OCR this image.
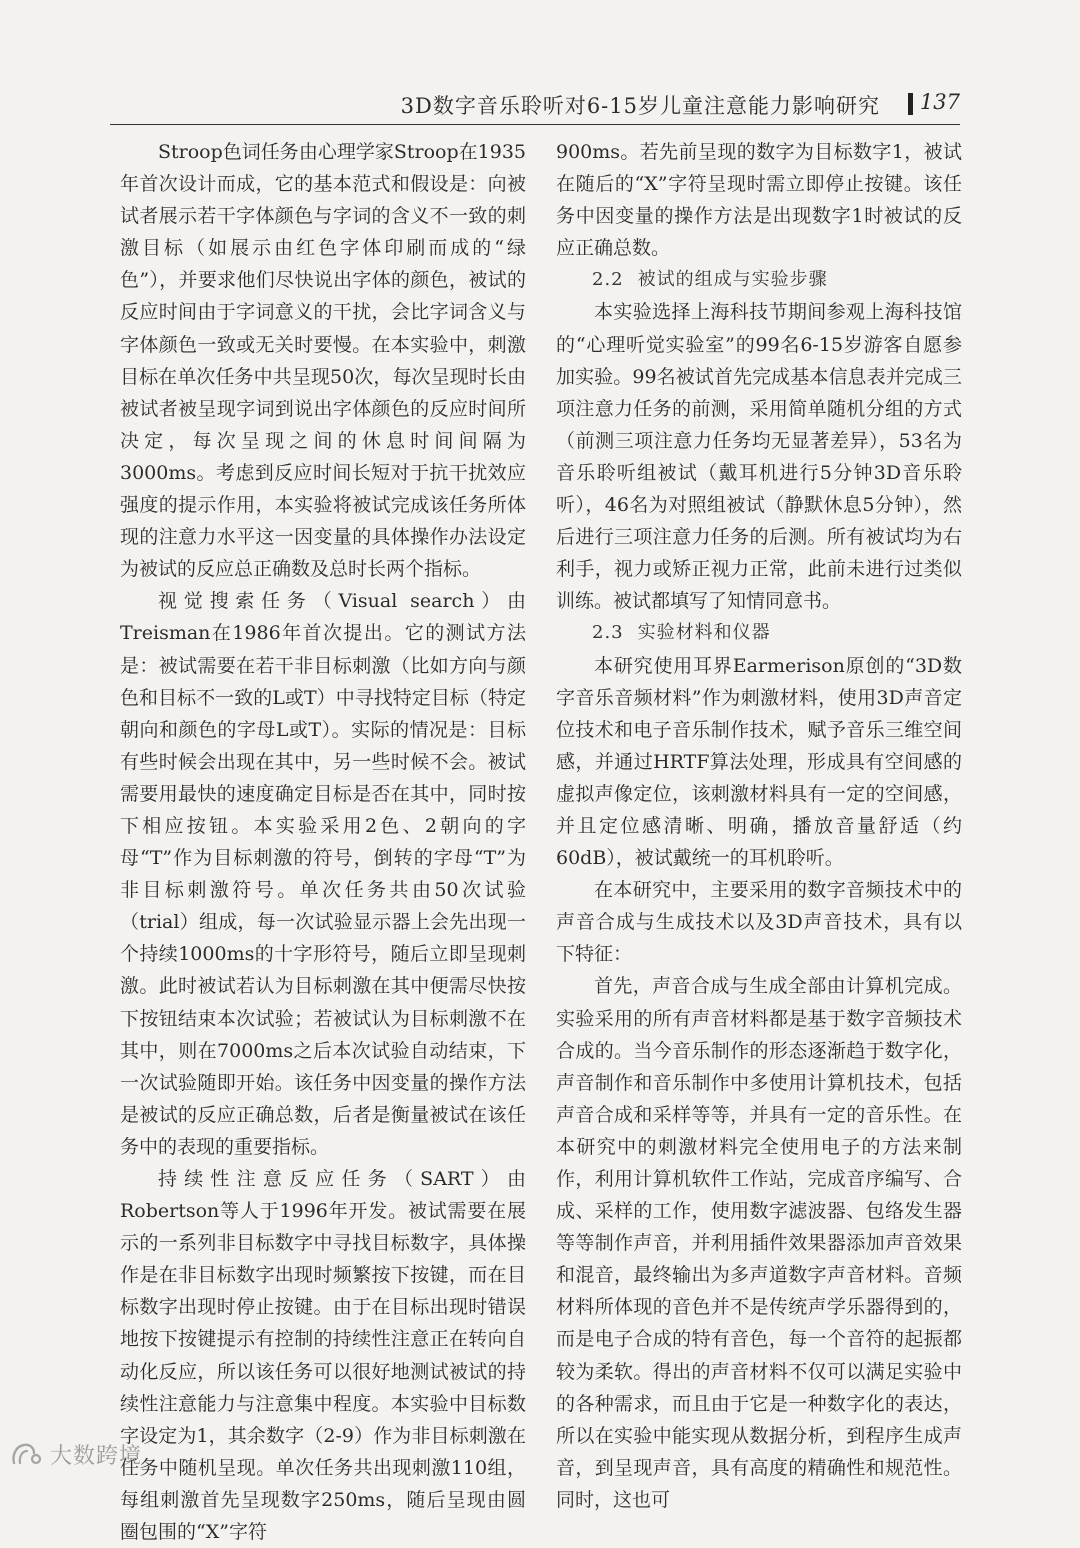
3D数字音乐聆听对6-15岁儿童注意能力影响研究 137

Stroop色词任务由心理学家Stroop在1935年首次设计而成，它的基本范式和假设是：向被试者展示若干字体颜色与字词的含义不一致的刺激目标（如展示由红色字体印刷而成的“绿色”），并要求他们尽快说出字体的颜色，被试的反应时间由于字词意义的干扰，会比字词含义与字体颜色一致或无关时要慢。在本实验中，刺激目标在单次任务中共呈现50次，每次呈现时长由被试者被呈现字词到说出字体颜色的反应时间所决定，每次呈现之间的休息时间间隔为3000ms。考虑到反应时间长短对于抗干扰效应强度的提示作用，本实验将被试完成该任务所体现的注意力水平这一因变量的具体操作办法设定为被试的反应总正确数及总时长两个指标。

视觉搜索任务（Visual search）由Treisman在1986年首次提出。它的测试方法是：被试需要在若干非目标刺激（比如方向与颜色和目标不一致的L或T）中寻找特定目标（特定朝向和颜色的字母L或T）。实际的情况是：目标有些时候会出现在其中，另一些时候不会。被试需要用最快的速度确定目标是否在其中，同时按下相应按钮。本实验采用2色、2朝向的字母“T”作为目标刺激的符号，倒转的字母“T”为非目标刺激符号。单次任务共由50次试验（trial）组成，每一次试验显示器上会先出现一个持续1000ms的十字形符号，随后立即呈现刺激。此时被试若认为目标刺激在其中便需尽快按下按钮结束本次试验；若被试认为目标刺激不在其中，则在7000ms之后本次试验自动结束，下一次试验随即开始。该任务中因变量的操作方法是被试的反应正确总数，后者是衡量被试在该任务中的表现的重要指标。

持续性注意反应任务（SART）由Robertson等人于1996年开发。被试需要在展示的一系列非目标数字中寻找目标数字，具体操作是在非目标数字出现时频繁按下按键，而在目标数字出现时停止按键。由于在目标出现时错误地按下按键提示有控制的持续性注意正在转向自动化反应，所以该任务可以很好地测试被试的持续性注意能力与注意集中程度。本实验中目标数字设定为1，其余数字（2-9）作为非目标刺激在任务中随机呈现。单次任务共出现刺激110组，每组刺激首先呈现数字250ms，随后呈现由圆圈包围的“X”字符

900ms。若先前呈现的数字为目标数字1，被试在随后的“X”字符呈现时需立即停止按键。该任务中因变量的操作方法是出现数字1时被试的反应正确总数。

2.2 被试的组成与实验步骤

本实验选择上海科技节期间参观上海科技馆的“心理听觉实验室”的99名6-15岁游客自愿参加实验。99名被试首先完成基本信息表并完成三项注意力任务的前测，采用简单随机分组的方式（前测三项注意力任务均无显著差异），53名为音乐聆听组被试（戴耳机进行5分钟3D音乐聆听），46名为对照组被试（静默休息5分钟），然后进行三项注意力任务的后测。所有被试均为右利手，视力或矫正视力正常，此前未进行过类似训练。被试都填写了知情同意书。

2.3 实验材料和仪器

本研究使用耳界Earmerison原创的“3D数字音乐音频材料”作为刺激材料，使用3D声音定位技术和电子音乐制作技术，赋予音乐三维空间感，并通过HRTF算法处理，形成具有空间感的虚拟声像定位，该刺激材料具有一定的空间感，并且定位感清晰、明确，播放音量舒适（约60dB），被试戴统一的耳机聆听。

在本研究中，主要采用的数字音频技术中的声音合成与生成技术以及3D声音技术，具有以下特征：

首先，声音合成与生成全部由计算机完成。实验采用的所有声音材料都是基于数字音频技术合成的。当今音乐制作的形态逐渐趋于数字化，声音制作和音乐制作中多使用计算机技术，包括声音合成和采样等等，并具有一定的音乐性。在本研究中的刺激材料完全使用电子的方法来制作，利用计算机软件工作站，完成音序编写、合成、采样的工作，使用数字滤波器、包络发生器等等制作声音，并利用插件效果器添加声音效果和混音，最终输出为多声道数字声音材料。音频材料所体现的音色并不是传统声学乐器得到的，而是电子合成的特有音色，每一个音符的起振都较为柔软。得出的声音材料不仅可以满足实验中的各种需求，而且由于它是一种数字化的表达，所以在实验中能实现从数据分析，到程序生成声音，到呈现声音，具有高度的精确性和规范性。同时，这也可

大数跨境
